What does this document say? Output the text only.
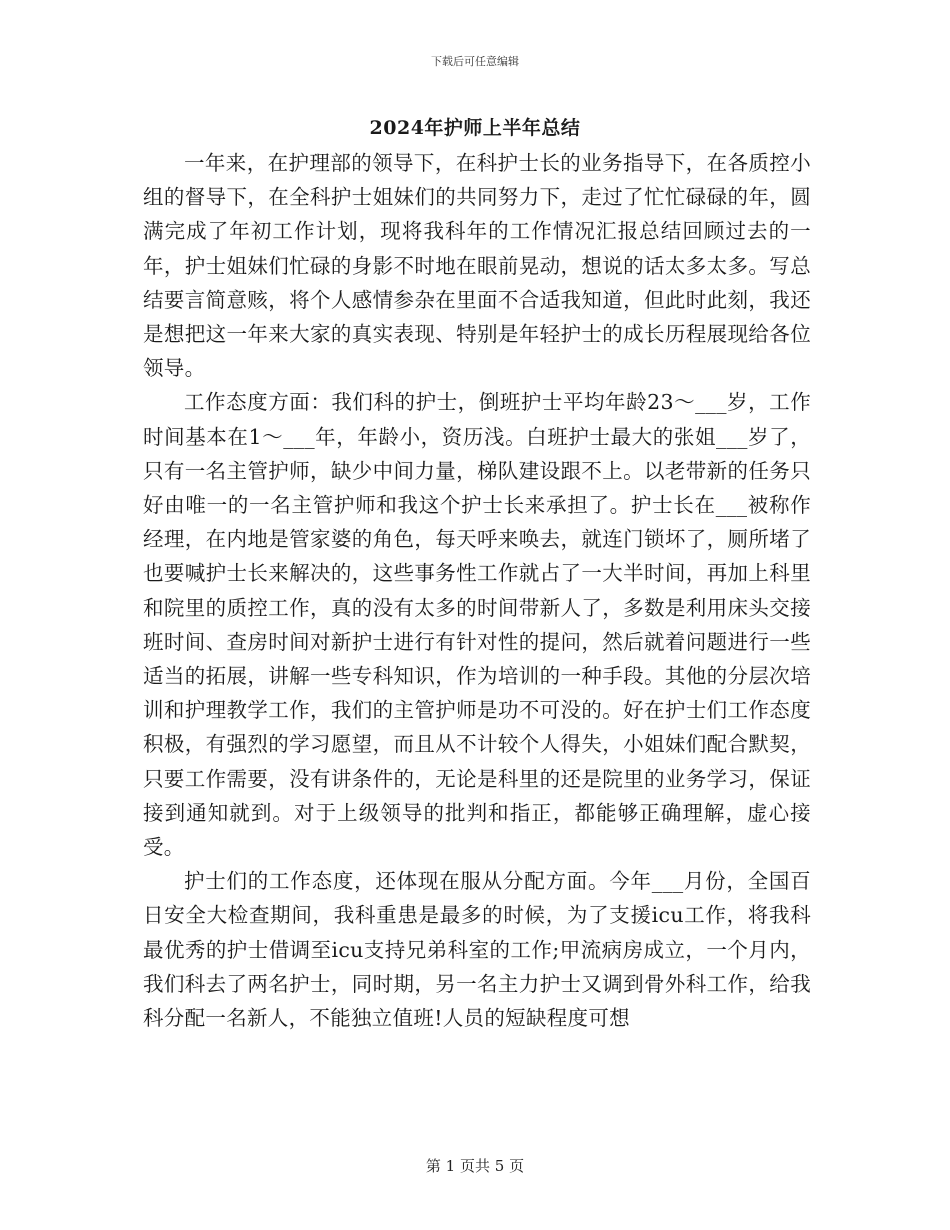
下载后可任意编辑
2024年护师上半年总结

一年来，在护理部的领导下，在科护士长的业务指导下，在各质控小组的督导下，在全科护士姐妹们的共同努力下，走过了忙忙碌碌的年，圆满完成了年初工作计划，现将我科年的工作情况汇报总结回顾过去的一年，护士姐妹们忙碌的身影不时地在眼前晃动，想说的话太多太多。写总结要言简意赅，将个人感情参杂在里面不合适我知道，但此时此刻，我还是想把这一年来大家的真实表现、特别是年轻护士的成长历程展现给各位领导。

工作态度方面：我们科的护士，倒班护士平均年龄23～___岁，工作时间基本在1～___年，年龄小，资历浅。白班护士最大的张姐___岁了，只有一名主管护师，缺少中间力量，梯队建设跟不上。以老带新的任务只好由唯一的一名主管护师和我这个护士长来承担了。护士长在___被称作经理，在内地是管家婆的角色，每天呼来唤去，就连门锁坏了，厕所堵了也要喊护士长来解决的，这些事务性工作就占了一大半时间，再加上科里和院里的质控工作，真的没有太多的时间带新人了，多数是利用床头交接班时间、查房时间对新护士进行有针对性的提问，然后就着问题进行一些适当的拓展，讲解一些专科知识，作为培训的一种手段。其他的分层次培训和护理教学工作，我们的主管护师是功不可没的。好在护士们工作态度积极，有强烈的学习愿望，而且从不计较个人得失，小姐妹们配合默契，只要工作需要，没有讲条件的，无论是科里的还是院里的业务学习，保证接到通知就到。对于上级领导的批判和指正，都能够正确理解，虚心接受。

护士们的工作态度，还体现在服从分配方面。今年___月份，全国百日安全大检查期间，我科重患是最多的时候，为了支援icu工作，将我科最优秀的护士借调至icu支持兄弟科室的工作;甲流病房成立，一个月内，我们科去了两名护士，同时期，另一名主力护士又调到骨外科工作，给我科分配一名新人，不能独立值班!人员的短缺程度可想

第 1 页共 5 页
